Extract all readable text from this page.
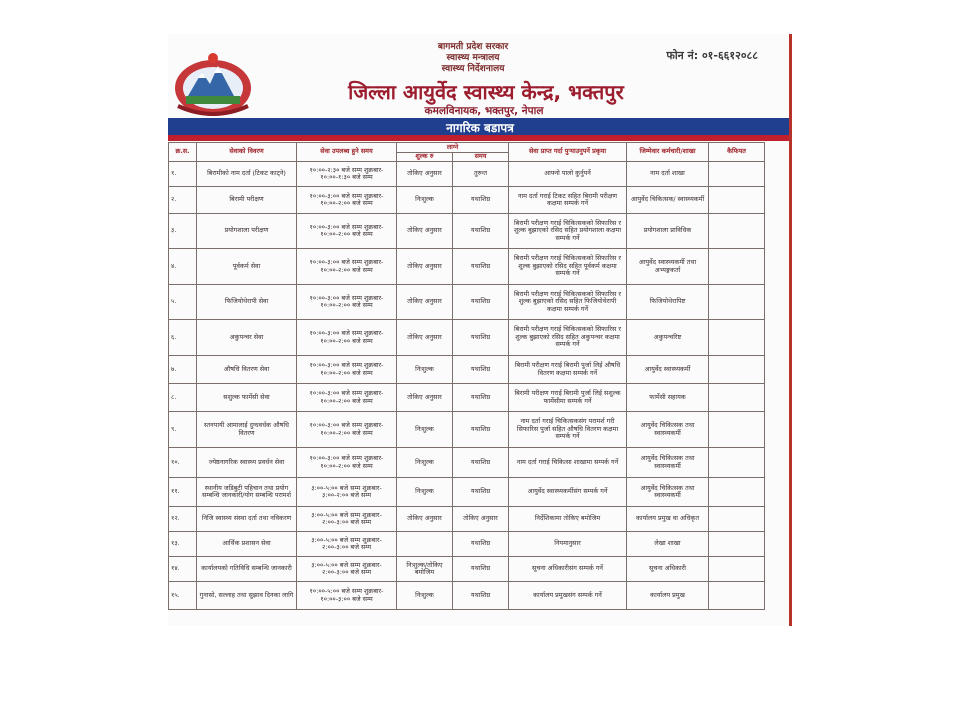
बागमती प्रदेश सरकार
स्वास्थ्य मन्त्रालय
स्वास्थ्य निर्देशनालय
फोन नं: ०१-६६१२०८८
जिल्ला आयुर्वेद स्वास्थ्य केन्द्र, भक्तपुर
कमलविनायक, भक्तपुर, नेपाल
नागरिक बडापत्र
क्र.स.	सेवाको विवरण	सेवा उपलब्ध हुने समय	लाग्ने		सेवा प्राप्त गर्दा पुऱ्याउनुपर्ने प्रकृया	जिम्मेवार कर्मचारी/शाखा	कैफियत
			शुल्क रु	समय			
१.	बिरामीको नाम दर्ता (टिकट काट्ने)	१०:००-२:३० बजे सम्म शुक्रबार- १०:००-१:३० बजे सम्म	तोकिए अनुसार	तुरुन्त	आफ्नो पालो कुर्नुपर्ने	नाम दर्ता शाखा	
२.	बिरामी परीक्षण	१०:००-३:०० बजे सम्म शुक्रबार- १०:००-२:०० बजे सम्म	निःशुल्क	यथाशिघ्र	नाम दर्ता गराई टिकट सहित बिरामी परीक्षण कक्षमा सम्पर्क गर्ने	आयुर्वेद चिकित्सक/ स्वास्थ्यकर्मी	
३.	प्रयोगशाला परीक्षण	१०:००-३:०० बजे सम्म शुक्रबार- १०:००-२:०० बजे सम्म	तोकिए अनुसार	यथाशिघ्र	बिरामी परीक्षण गराई चिकित्सकको सिफारिस र शुल्क बुझाएको रसिद सहित प्रयोगशाला कक्षमा सम्पर्क गर्ने	प्रयोगशाला प्राविधिक	
४.	पूर्वकर्म सेवा	१०:००-३:०० बजे सम्म शुक्रबार- १०:००-२:०० बजे सम्म	तोकिए अनुसार	यथाशिघ्र	बिरामी परीक्षण गराई चिकित्सकको सिफारिस र शुल्क बुझाएको रसिद सहित पूर्वकर्म कक्षमा सम्पर्क गर्ने	आयुर्वेद स्वास्थ्यकर्मी तथा अभ्यङ्गकर्ता	
५.	फिजियोथेरापी सेवा	१०:००-३:०० बजे सम्म शुक्रबार- १०:००-२:०० बजे सम्म	तोकिए अनुसार	यथाशिघ्र	बिरामी परीक्षण गराई चिकित्सकको सिफारिस र शुल्क बुझाएको रसिद सहित फिजियोथेरापी कक्षमा सम्पर्क गर्ने	फिजियोथेरापिष्ट	
६.	अकुपन्चर सेवा	१०:००-३:०० बजे सम्म शुक्रबार- १०:००-२:०० बजे सम्म	तोकिए अनुसार	यथाशिघ्र	बिरामी परीक्षण गराई चिकित्सकको सिफारिस र शुल्क बुझाएको रसिद सहित अकुपन्चर कक्षमा सम्पर्क गर्ने	अकुपन्चरिष्ट	
७.	औषधि वितरण सेवा	१०:००-३:०० बजे सम्म शुक्रबार- १०:००-२:०० बजे सम्म	निःशुल्क	यथाशिघ्र	बिरामी परीक्षण गराई बिरामी पुर्जा लिई औषधि वितरण कक्षमा सम्पर्क गर्ने	आयुर्वेद स्वास्थ्यकर्मी	
८.	सशुल्क फार्मेसी सेवा	१०:००-३:०० बजे सम्म शुक्रबार- १०:००-२:०० बजे सम्म	तोकिए अनुसार	यथाशिघ्र	बिरामी परीक्षण गराई बिरामी पुर्जा लिई सशुल्क फार्मेसीमा सम्पर्क गर्ने	फार्मेसी सहायक	
९.	स्तनपायी आमालाई दुग्धवर्धक औषधि वितरण	१०:००-३:०० बजे सम्म शुक्रबार- १०:००-२:०० बजे सम्म	निःशुल्क	यथाशिघ्र	नाम दर्ता गराई चिकित्सकसंग परामर्श गरी सिफारिस पुर्जा सहित औषधि वितरण कक्षमा सम्पर्क गर्ने	आयुर्वेद चिकित्सक तथा स्वास्थ्यकर्मी	
१०.	ज्येष्ठनागरिक स्वास्थ्य प्रवर्धन सेवा	१०:००-३:०० बजे सम्म शुक्रबार- १०:००-२:०० बजे सम्म	निःशुल्क	यथाशिघ्र	नाम दर्ता गराई चिकित्सा शाखामा सम्पर्क गर्ने	आयुर्वेद चिकित्सक तथा स्वास्थ्यकर्मी	
११.	स्थानीय जडिबुटी पहिचान तथा प्रयोग सम्बन्धि जानकारी/योग सम्बन्धि परामर्श	३:००-५:०० बजे सम्म शुक्रबार- ३:००-२:०० बजे सम्म	निःशुल्क	यथाशिघ्र	आयुर्वेद स्वास्थ्यकर्मीसंग सम्पर्क गर्ने	आयुर्वेद चिकित्सक तथा स्वास्थ्यकर्मी	
१२.	निजि स्वास्थ्य संस्था दर्ता तथा नविकरण	३:००-५:०० बजे सम्म शुक्रबार- २:००-३:०० बजे सम्म	तोकिए अनुसार	तोकिए अनुसार	निर्देशिकामा तोकिए बमोजिम	कार्यालय प्रमुख वा अधिकृत	
१३.	आर्थिक प्रशासन सेवा	३:००-५:०० बजे सम्म शुक्रबार- २:००-३:०० बजे सम्म		यथाशिघ्र	नियमानुसार	लेखा शाखा	
१४.	कार्यालयको गतिविधि सम्बन्धि जानकारी	३:००-५:०० बजे सम्म शुक्रबार- २:००-३:०० बजे सम्म	निःशुल्क/तोकिए बमोजिम	यथाशिघ्र	सूचना अधिकारीसंग सम्पर्क गर्ने	सूचना अधिकारी	
१५.	गुनासो, सल्लाह तथा सुझाव दिनका लागि	१०:००-५:०० बजे सम्म शुक्रबार- १०:००-३:०० बजे सम्म	निःशुल्क	यथाशिघ्र	कार्यालय प्रमुखसंग सम्पर्क गर्ने	कार्यालय प्रमुख	
